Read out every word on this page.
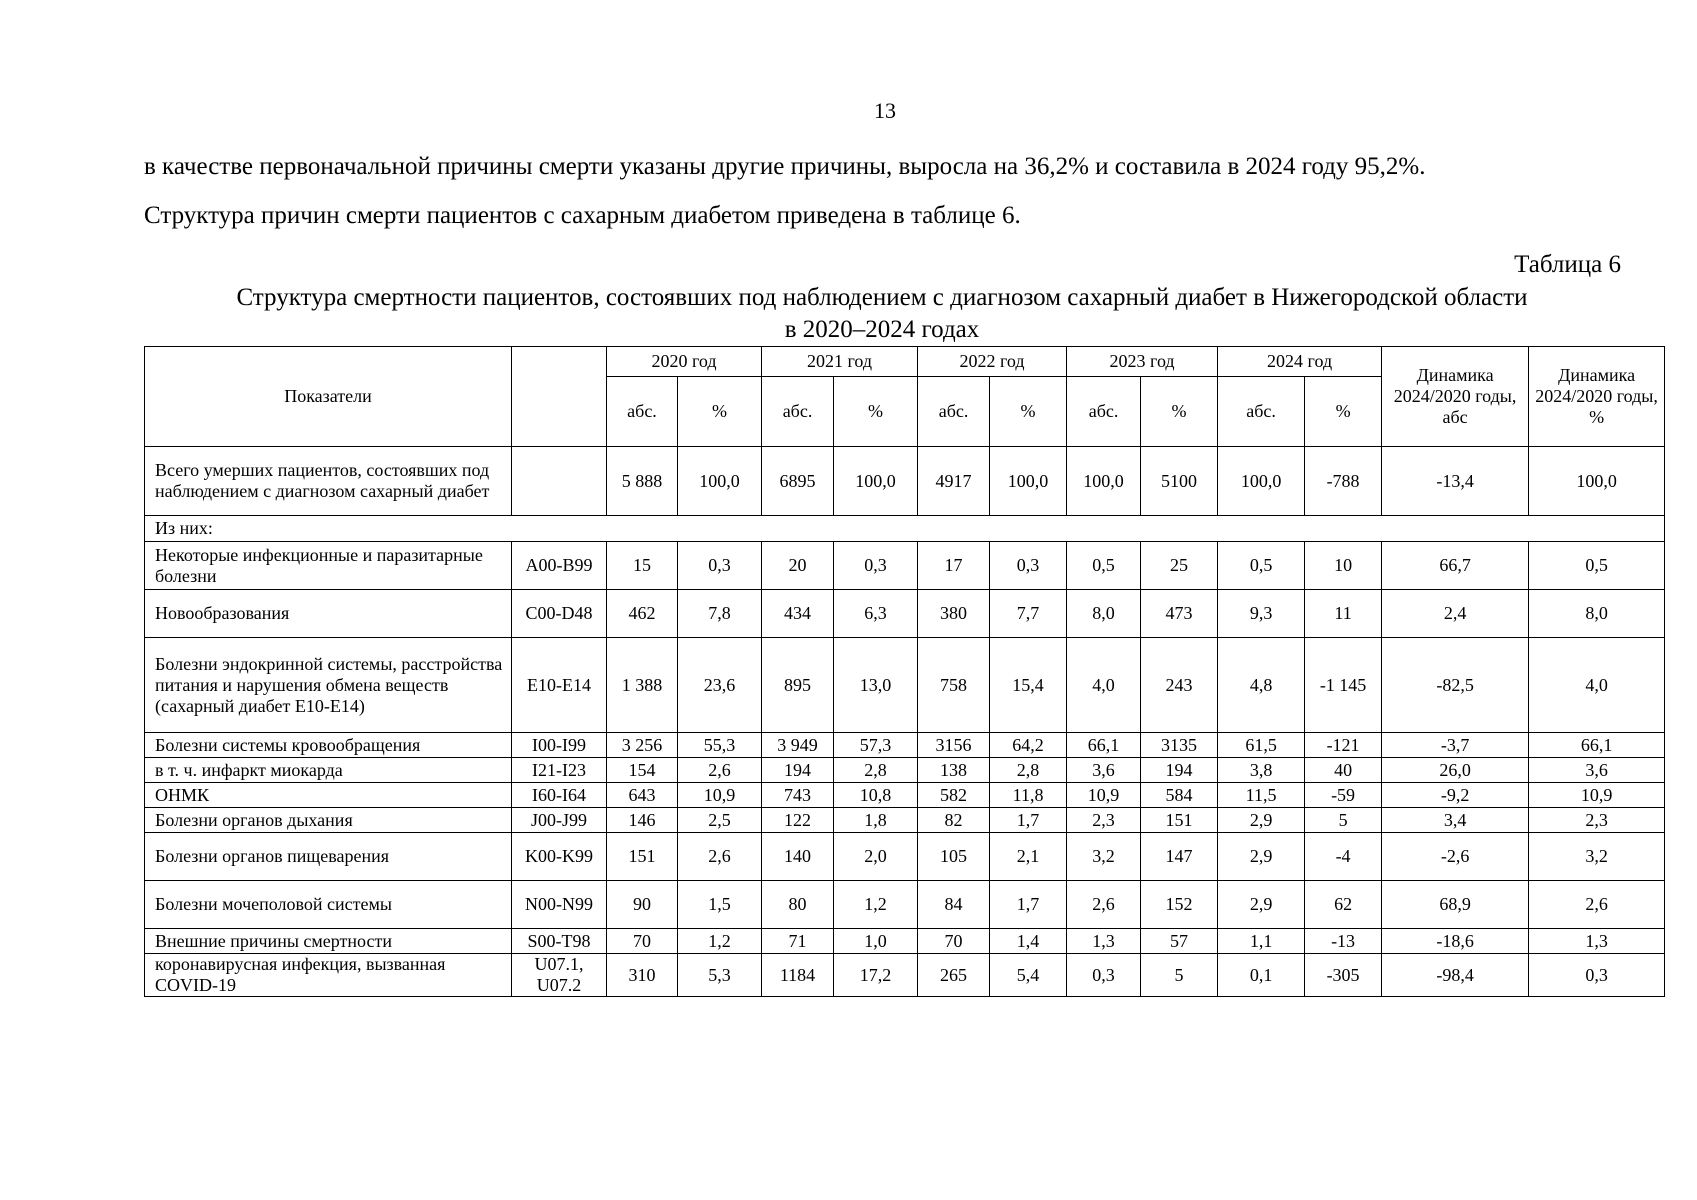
13
в качестве первоначальной причины смерти указаны другие причины, выросла на 36,2% и составила в 2024 году 95,2%.
Структура причин смерти пациентов с сахарным диабетом приведена в таблице 6.
Таблица 6
Структура смертности пациентов, состоявших под наблюдением с диагнозом сахарный диабет в Нижегородской области
в 2020–2024 годах
Показатели		2020 год		2021 год		2022 год		2023 год		2024 год		Динамика 2024/2020 годы, абс	Динамика 2024/2020 годы, %
		абс.	%	абс.	%	абс.	%	абс.	%	абс.	%		
Всего умерших пациентов, состоявших под наблюдением с диагнозом сахарный диабет		5 888	100,0	6895	100,0	4917	100,0	100,0	5100	100,0	-788	-13,4	100,0
Из них:													
Некоторые инфекционные и паразитарные болезни	A00-B99	15	0,3	20	0,3	17	0,3	0,5	25	0,5	10	66,7	0,5
Новообразования	C00-D48	462	7,8	434	6,3	380	7,7	8,0	473	9,3	11	2,4	8,0
Болезни эндокринной системы, расстройства питания и нарушения обмена веществ (сахарный диабет E10-E14)	E10-E14	1 388	23,6	895	13,0	758	15,4	4,0	243	4,8	-1 145	-82,5	4,0
Болезни системы кровообращения	I00-I99	3 256	55,3	3 949	57,3	3156	64,2	66,1	3135	61,5	-121	-3,7	66,1
в т. ч. инфаркт миокарда	I21-I23	154	2,6	194	2,8	138	2,8	3,6	194	3,8	40	26,0	3,6
ОНМК	I60-I64	643	10,9	743	10,8	582	11,8	10,9	584	11,5	-59	-9,2	10,9
Болезни органов дыхания	J00-J99	146	2,5	122	1,8	82	1,7	2,3	151	2,9	5	3,4	2,3
Болезни органов пищеварения	K00-K99	151	2,6	140	2,0	105	2,1	3,2	147	2,9	-4	-2,6	3,2
Болезни мочеполовой системы	N00-N99	90	1,5	80	1,2	84	1,7	2,6	152	2,9	62	68,9	2,6
Внешние причины смертности	S00-T98	70	1,2	71	1,0	70	1,4	1,3	57	1,1	-13	-18,6	1,3
коронавирусная инфекция, вызванная COVID-19	U07.1, U07.2	310	5,3	1184	17,2	265	5,4	0,3	5	0,1	-305	-98,4	0,3
